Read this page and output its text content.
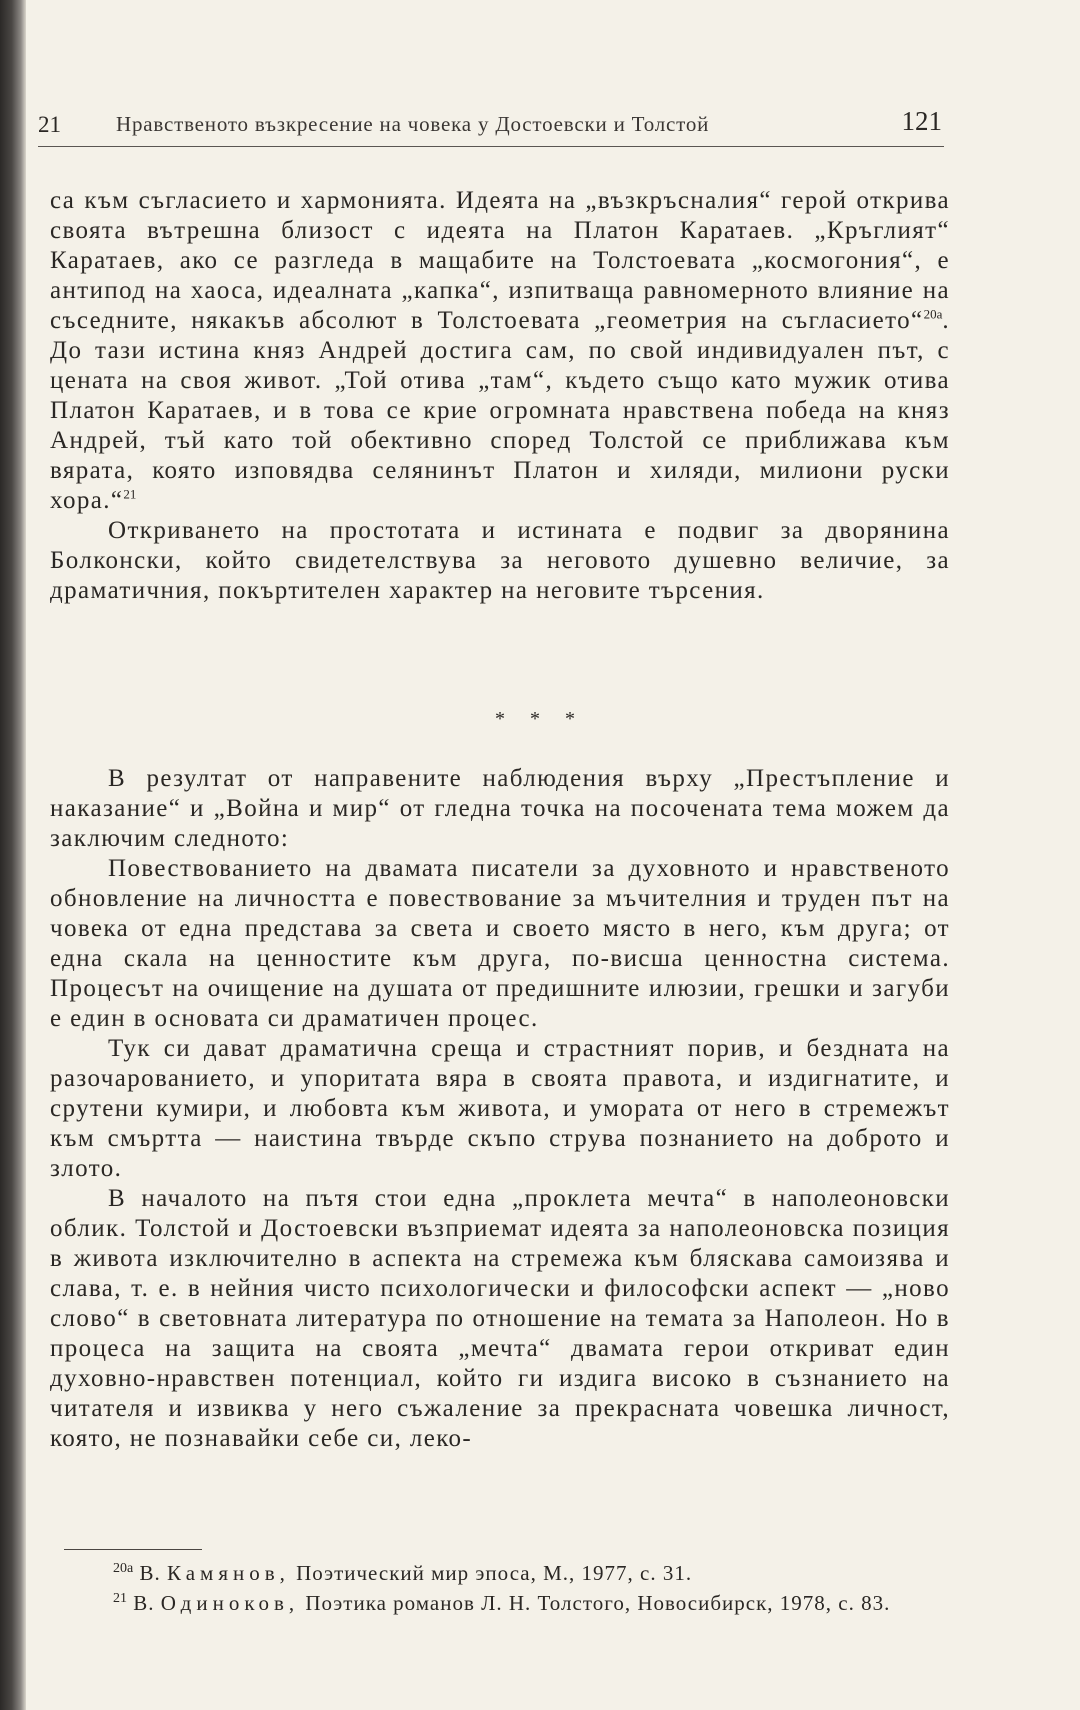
21	Нравственото възкресение на човека у Достоевски и Толстой	121

са към съгласието и хармонията. Идеята на „възкръсналия“ герой открива своята вътрешна близост с идеята на Платон Каратаев. „Кръглият“ Каратаев, ако се разгледа в мащабите на Толстоевата „космогония“, е антипод на хаоса, идеалната „капка“, изпитваща равномерното влияние на съседните, някакъв абсолют в Толстоевата „геометрия на съгласието“$^{20а}$. До тази истина княз Андрей достига сам, по свой индивидуален път, с цената на своя живот. „Той отива „там“, където също като мужик отива Платон Каратаев, и в това се крие огромната нравствена победа на княз Андрей, тъй като той обективно според Толстой се приближава към вярата, която изповядва селянинът Платон и хиляди, милиони руски хора.“$^{21}$

Откриването на простотата и истината е подвиг за дворянина Болконски, който свидетелствува за неговото душевно величие, за драматичния, покъртителен характер на неговите търсения.

* * *

В резултат от направените наблюдения върху „Престъпление и наказание“ и „Война и мир“ от гледна точка на посочената тема можем да заключим следното:

Повествованието на двамата писатели за духовното и нравственото обновление на личността е повествование за мъчителния и труден път на човека от една представа за света и своето място в него, към друга; от една скала на ценностите към друга, по-висша ценностна система. Процесът на очищение на душата от предишните илюзии, грешки и загуби е един в основата си драматичен процес.

Тук си дават драматична среща и страстният порив, и бездната на разочарованието, и упоритата вяра в своята правота, и издигнатите, и срутени кумири, и любовта към живота, и умората от него в стремежът към смъртта — наистина твърде скъпо струва познанието на доброто и злото.

В началото на пътя стои една „проклета мечта“ в наполеоновски облик. Толстой и Достоевски възприемат идеята за наполеоновска позиция в живота изключително в аспекта на стремежа към бляскава самоизява и слава, т. е. в нейния чисто психологически и философски аспект — „ново слово“ в световната литература по отношение на темата за Наполеон. Но в процеса на защита на своята „мечта“ двамата герои откриват един духовно-нравствен потенциал, който ги издига високо в съзнанието на читателя и извиква у него съжаление за прекрасната човешка личност, която, не познавайки себе си, леко-

$^{20а}$ В. Камянов, Поэтический мир эпоса, М., 1977, с. 31.

$^{21}$ В. Одиноков, Поэтика романов Л. Н. Толстого, Новосибирск, 1978, с. 83.
